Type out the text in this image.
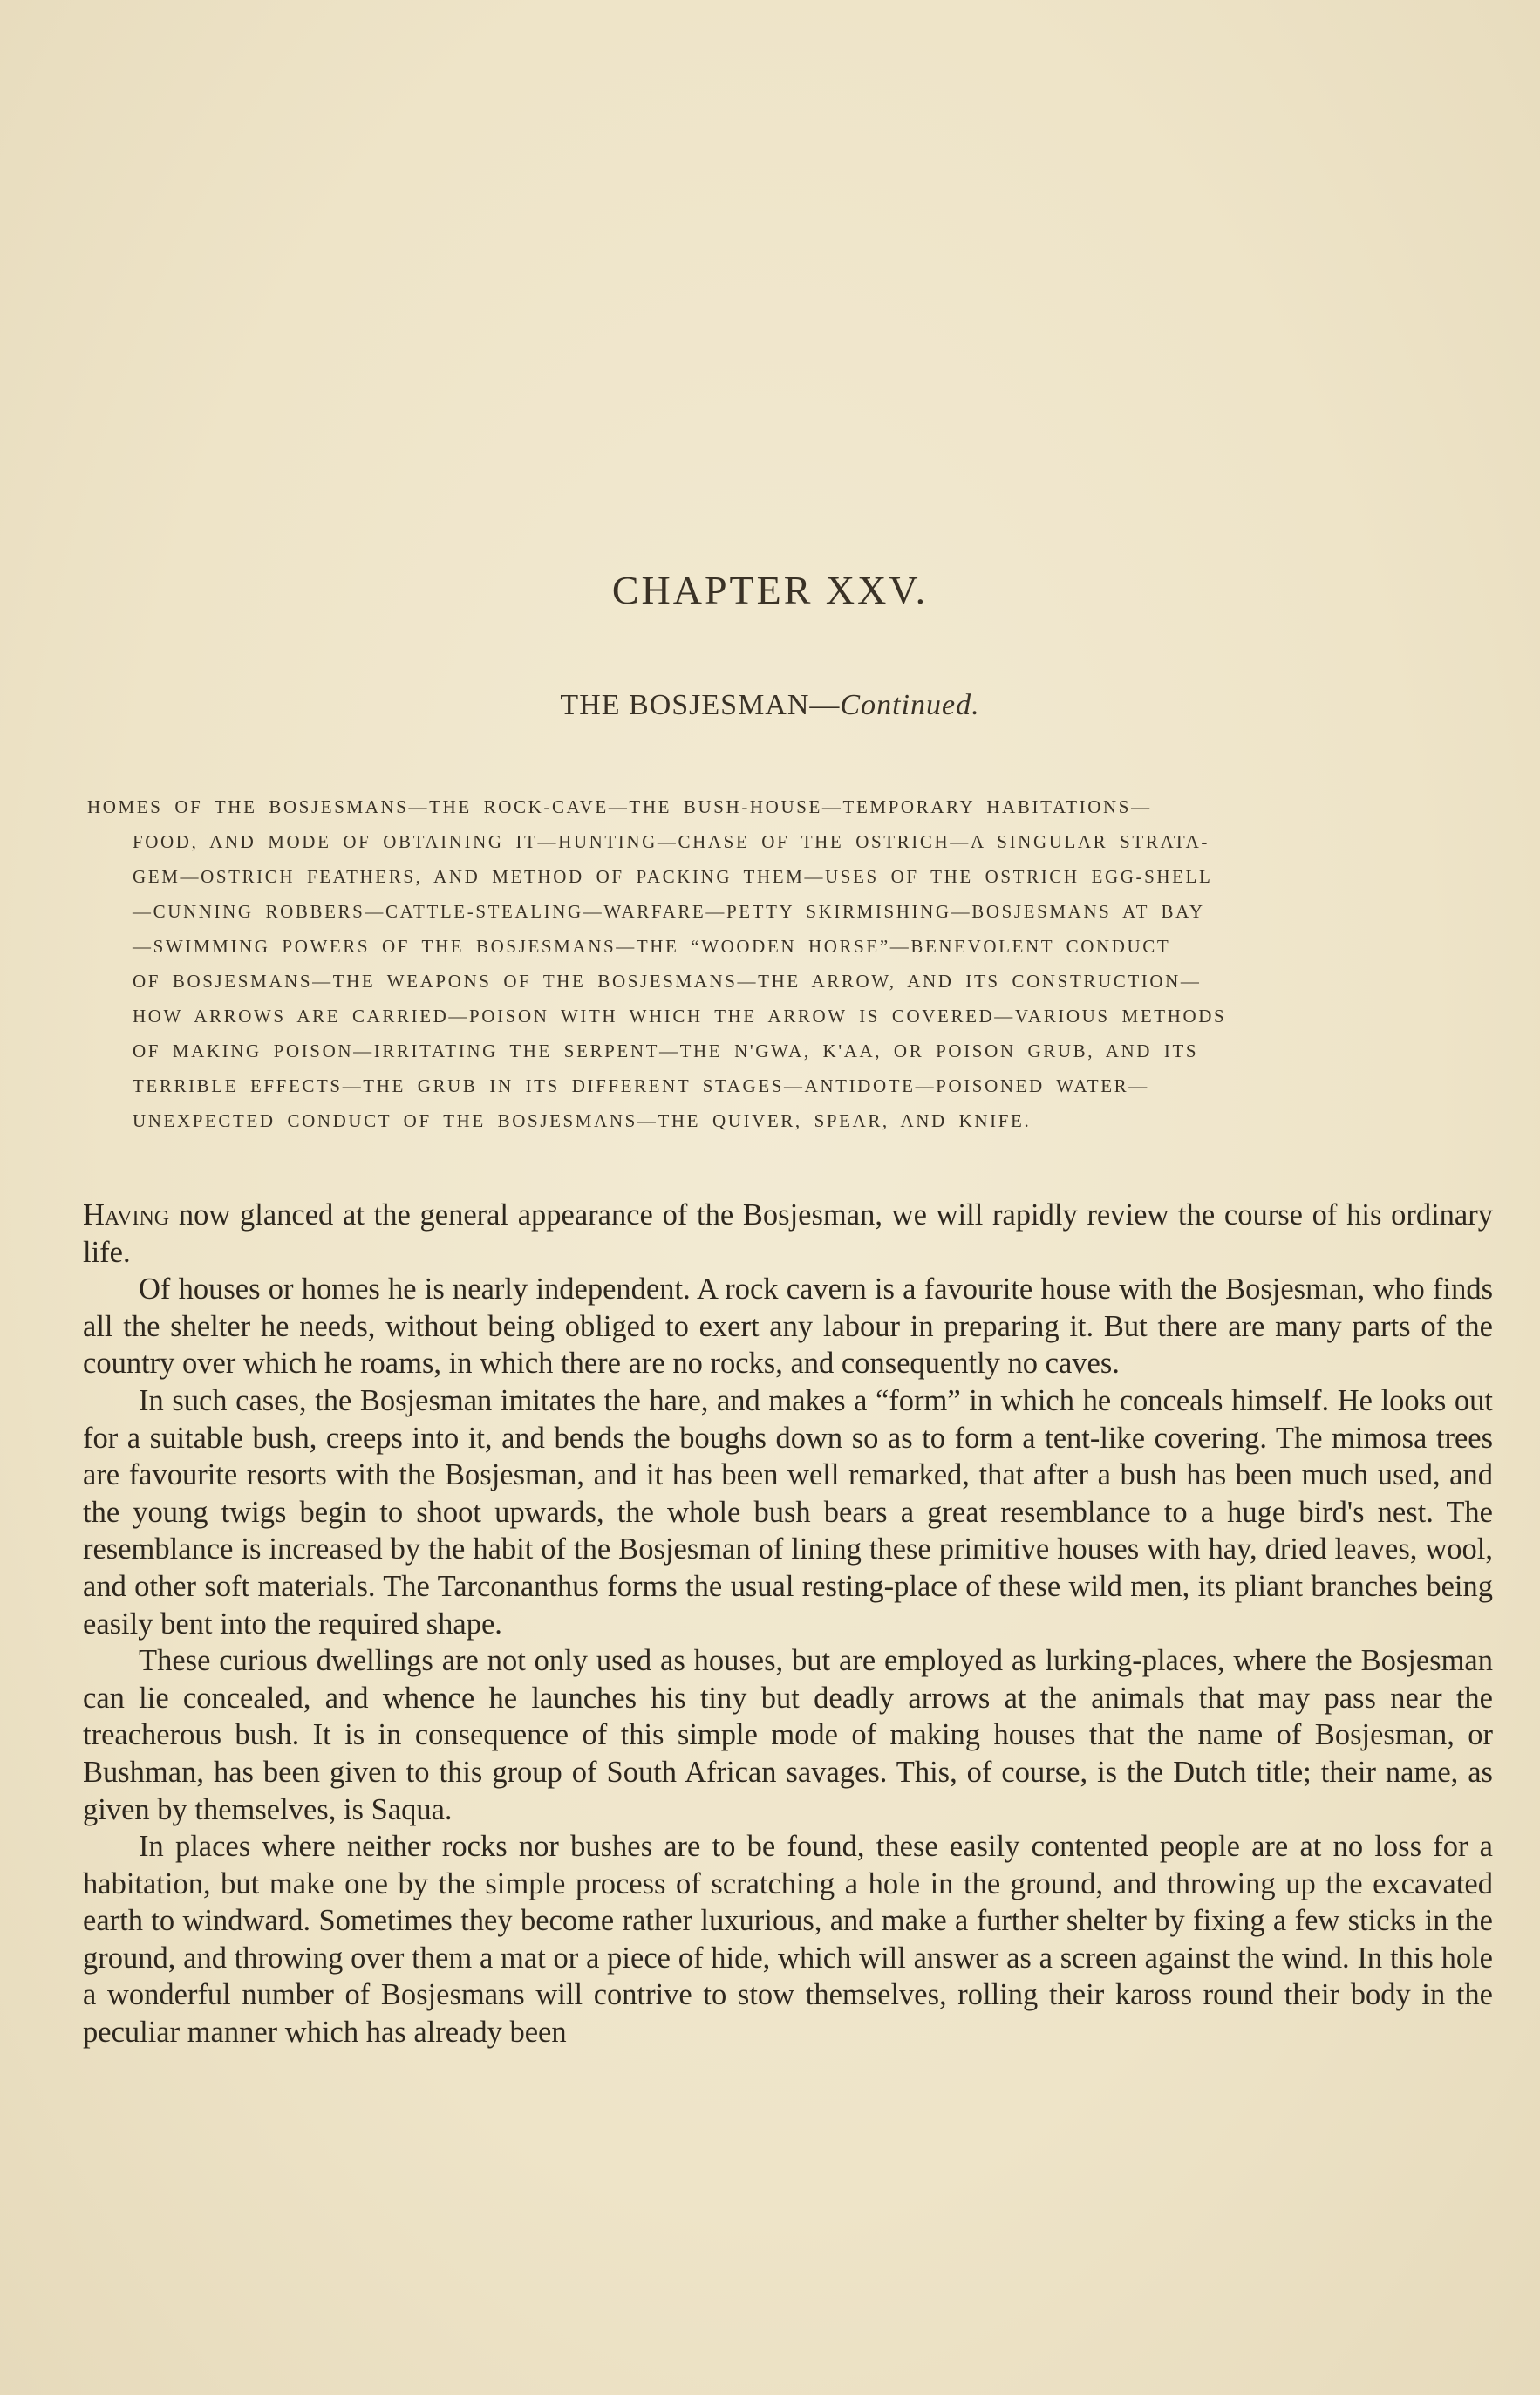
CHAPTER XXV.
THE BOSJESMAN—Continued.
HOMES OF THE BOSJESMANS—THE ROCK-CAVE—THE BUSH-HOUSE—TEMPORARY HABITATIONS—
FOOD, AND MODE OF OBTAINING IT—HUNTING—CHASE OF THE OSTRICH—A SINGULAR STRATA-
GEM—OSTRICH FEATHERS, AND METHOD OF PACKING THEM—USES OF THE OSTRICH EGG-SHELL
—CUNNING ROBBERS—CATTLE-STEALING—WARFARE—PETTY SKIRMISHING—BOSJESMANS AT BAY
—SWIMMING POWERS OF THE BOSJESMANS—THE “WOODEN HORSE”—BENEVOLENT CONDUCT
OF BOSJESMANS—THE WEAPONS OF THE BOSJESMANS—THE ARROW, AND ITS CONSTRUCTION—
HOW ARROWS ARE CARRIED—POISON WITH WHICH THE ARROW IS COVERED—VARIOUS METHODS
OF MAKING POISON—IRRITATING THE SERPENT—THE N'GWA, K'AA, OR POISON GRUB, AND ITS
TERRIBLE EFFECTS—THE GRUB IN ITS DIFFERENT STAGES—ANTIDOTE—POISONED WATER—
UNEXPECTED CONDUCT OF THE BOSJESMANS—THE QUIVER, SPEAR, AND KNIFE.

Having now glanced at the general appearance of the Bosjesman, we will rapidly review the course of his ordinary life.

Of houses or homes he is nearly independent. A rock cavern is a favourite house with the Bosjesman, who finds all the shelter he needs, without being obliged to exert any labour in preparing it. But there are many parts of the country over which he roams, in which there are no rocks, and consequently no caves.

In such cases, the Bosjesman imitates the hare, and makes a “form” in which he conceals himself. He looks out for a suitable bush, creeps into it, and bends the boughs down so as to form a tent-like covering. The mimosa trees are favourite resorts with the Bosjesman, and it has been well remarked, that after a bush has been much used, and the young twigs begin to shoot upwards, the whole bush bears a great resemblance to a huge bird's nest. The resemblance is increased by the habit of the Bosjesman of lining these primitive houses with hay, dried leaves, wool, and other soft materials. The Tarconanthus forms the usual resting-place of these wild men, its pliant branches being easily bent into the required shape.

These curious dwellings are not only used as houses, but are employed as lurking-places, where the Bosjesman can lie concealed, and whence he launches his tiny but deadly arrows at the animals that may pass near the treacherous bush. It is in consequence of this simple mode of making houses that the name of Bosjesman, or Bushman, has been given to this group of South African savages. This, of course, is the Dutch title; their name, as given by themselves, is Saqua.

In places where neither rocks nor bushes are to be found, these easily contented people are at no loss for a habitation, but make one by the simple process of scratching a hole in the ground, and throwing up the excavated earth to windward. Sometimes they become rather luxurious, and make a further shelter by fixing a few sticks in the ground, and throwing over them a mat or a piece of hide, which will answer as a screen against the wind. In this hole a wonderful number of Bosjesmans will contrive to stow themselves, rolling their kaross round their body in the peculiar manner which has already been
